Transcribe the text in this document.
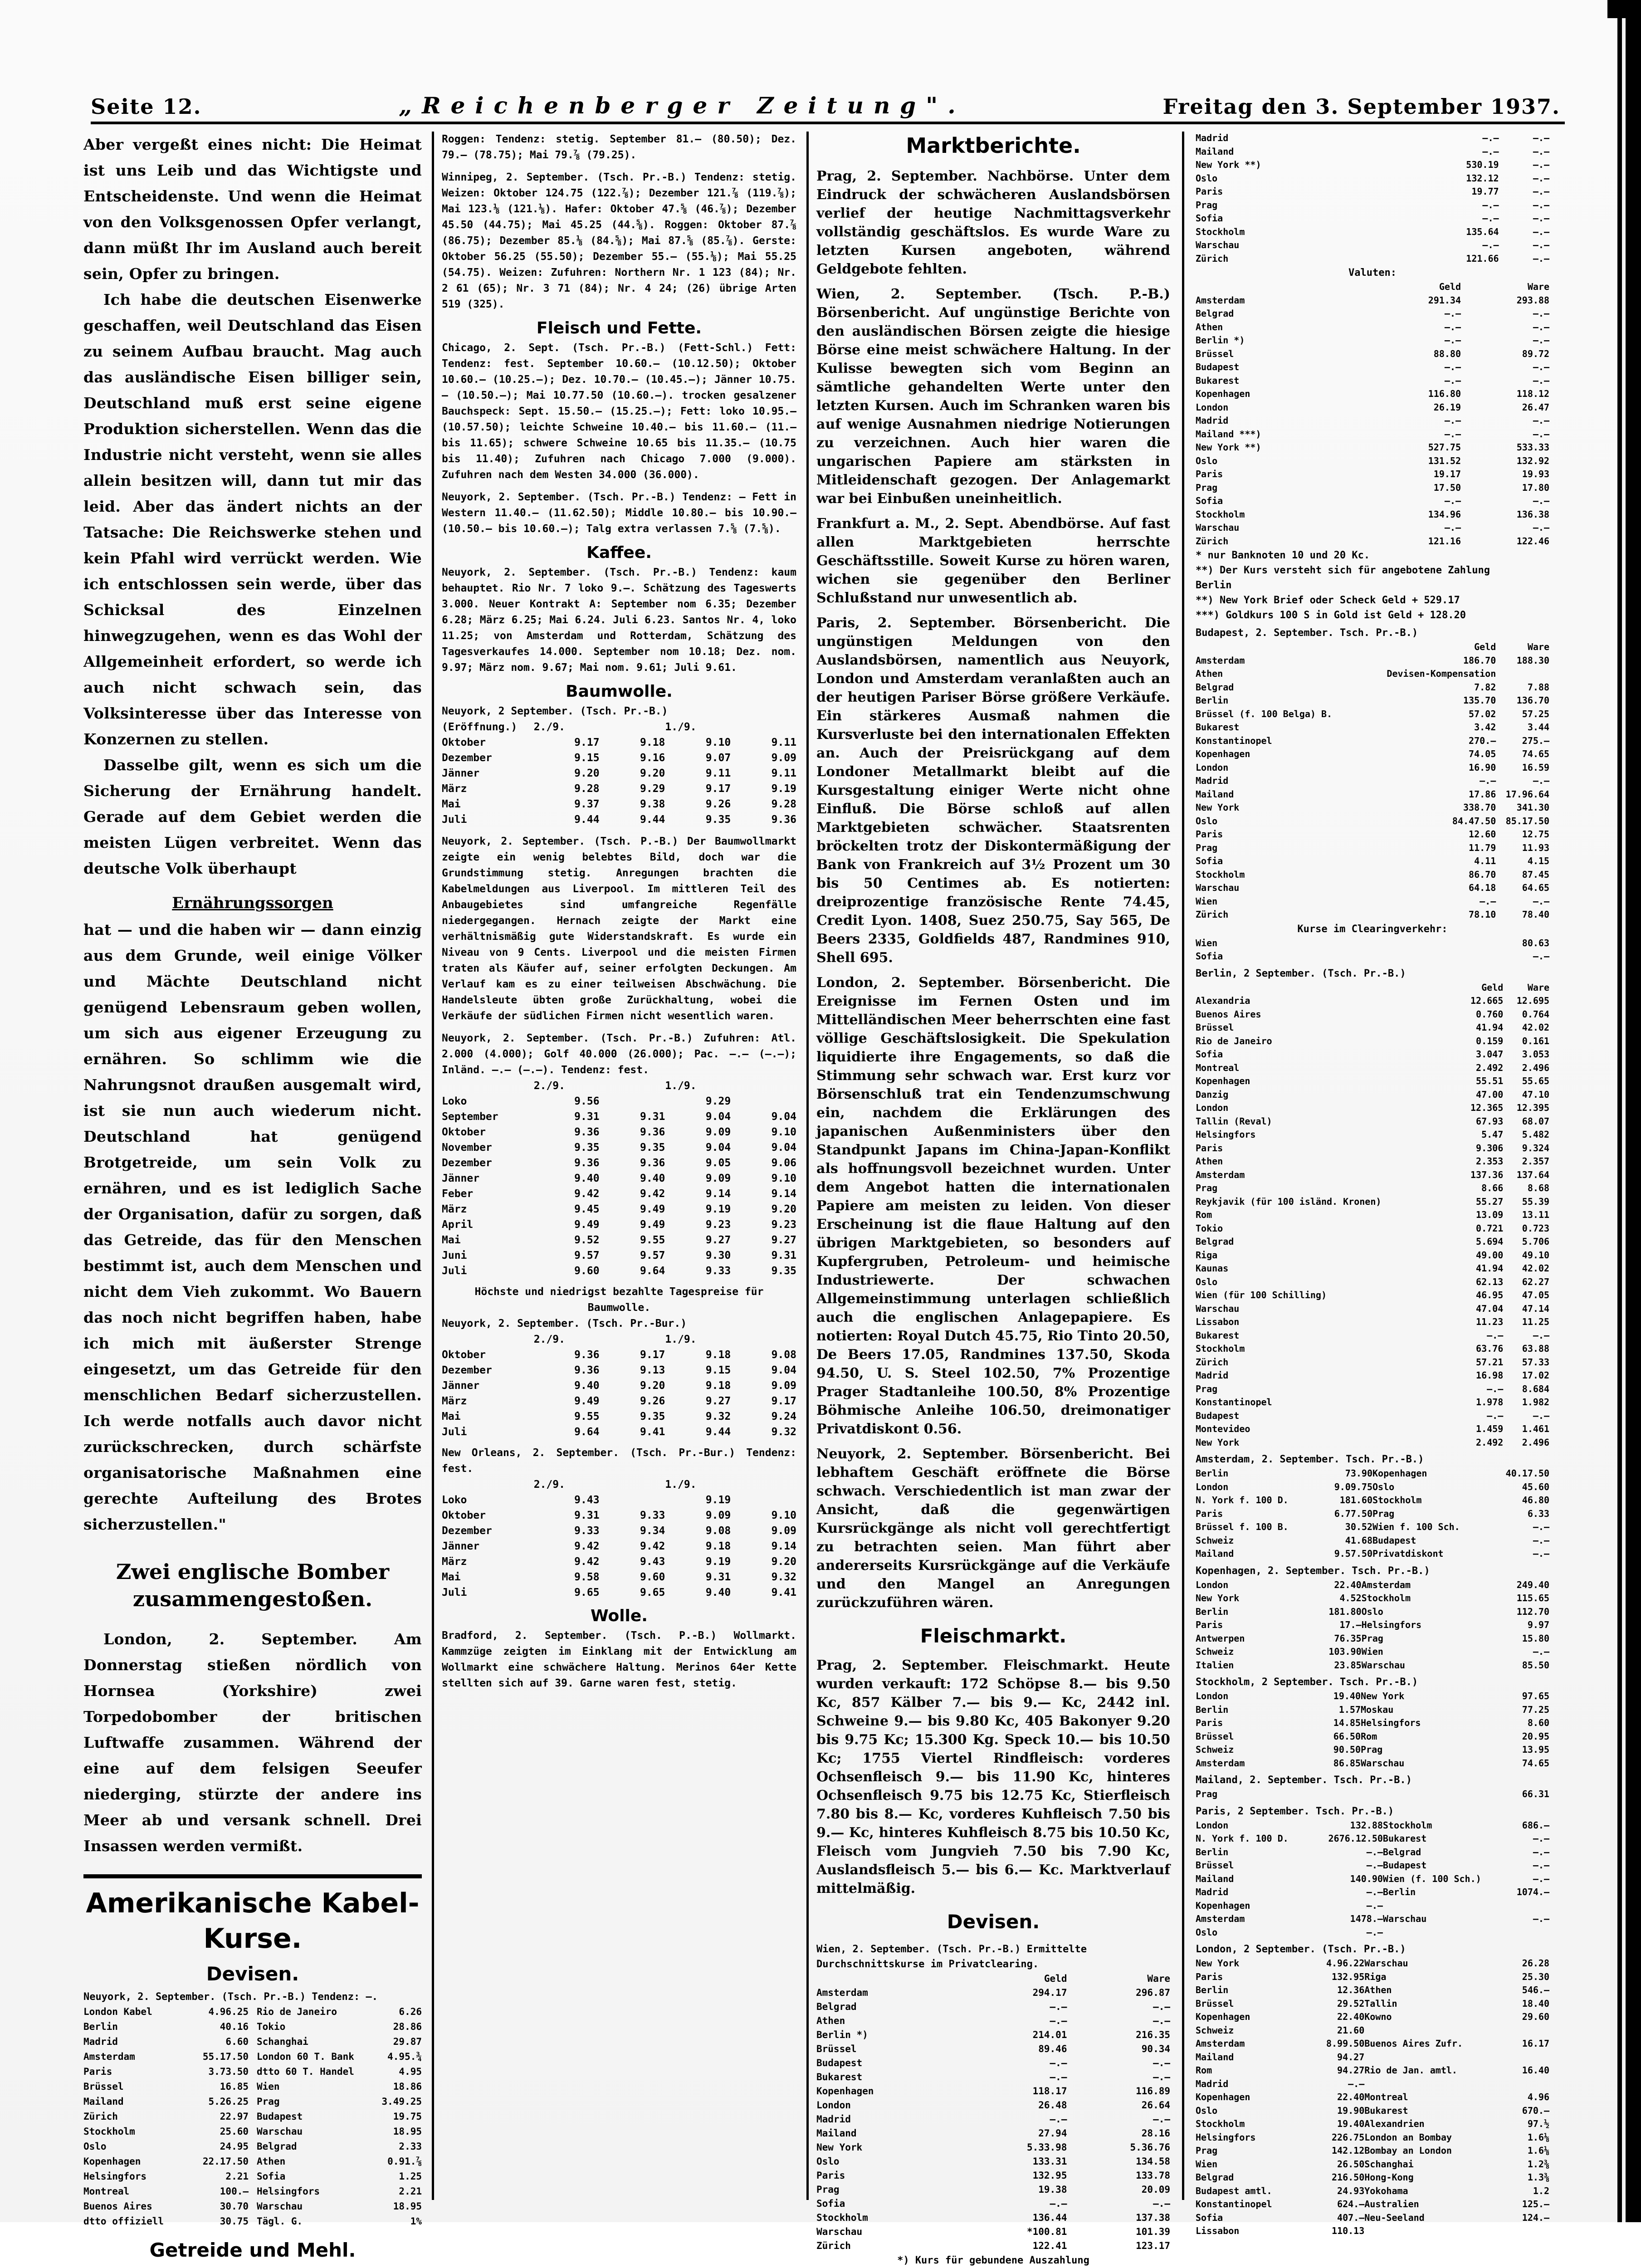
Seite 12.	„Reichenberger Zeitung".	Freitag den 3. September 1937.

Aber vergeßt eines nicht: Die Heimat ist uns Leib und das Wichtigste und Entscheidenste. Und wenn die Heimat von den Volksgenossen Opfer verlangt, dann müßt Ihr im Ausland auch bereit sein, Opfer zu bringen.

Ich habe die deutschen Eisenwerke geschaffen, weil Deutschland das Eisen zu seinem Aufbau braucht. Mag auch das ausländische Eisen billiger sein, Deutschland muß erst seine eigene Produktion sicherstellen. Wenn das die Industrie nicht versteht, wenn sie alles allein besitzen will, dann tut mir das leid. Aber das ändert nichts an der Tatsache: Die Reichswerke stehen und kein Pfahl wird verrückt werden. Wie ich entschlossen sein werde, über das Schicksal des Einzelnen hinwegzugehen, wenn es das Wohl der Allgemeinheit erfordert, so werde ich auch nicht schwach sein, das Volksinteresse über das Interesse von Konzernen zu stellen.

Dasselbe gilt, wenn es sich um die Sicherung der Ernährung handelt. Gerade auf dem Gebiet werden die meisten Lügen verbreitet. Wenn das deutsche Volk überhaupt

Ernährungssorgen

hat — und die haben wir — dann einzig aus dem Grunde, weil einige Völker und Mächte Deutschland nicht genügend Lebensraum geben wollen, um sich aus eigener Erzeugung zu ernähren. So schlimm wie die Nahrungsnot draußen ausgemalt wird, ist sie nun auch wiederum nicht. Deutschland hat genügend Brotgetreide, um sein Volk zu ernähren, und es ist lediglich Sache der Organisation, dafür zu sorgen, daß das Getreide, das für den Menschen bestimmt ist, auch dem Menschen und nicht dem Vieh zukommt. Wo Bauern das noch nicht begriffen haben, habe ich mich mit äußerster Strenge eingesetzt, um das Getreide für den menschlichen Bedarf sicherzustellen. Ich werde notfalls auch davor nicht zurückschrecken, durch schärfste organisatorische Maßnahmen eine gerechte Aufteilung des Brotes sicherzustellen."

Zwei englische Bomber zusammengestoßen.

London, 2. September. Am Donnerstag stießen nördlich von Hornsea (Yorkshire) zwei Torpedobomber der britischen Luftwaffe zusammen. Während der eine auf dem felsigen Seeufer niederging, stürzte der andere ins Meer ab und versank schnell. Drei Insassen werden vermißt.

Amerikanische Kabel-Kurse.
Devisen.
Neuyork, 2. September. (Tsch. Pr.-B.) Tendenz: —.
London Kabel	4.96.25 Rio de Janeiro	6.26
Berlin	40.16 Tokio	28.86
Madrid	6.60 Schanghai	29.87
Amsterdam	55.17.50 London 60 T. Bank	4.95.¾
Paris	3.73.50 dtto 60 T. Handel	4.95
Brüssel	16.85 Wien	18.86
Mailand	5.26.25 Prag	3.49.25
Zürich	22.97 Budapest	19.75
Stockholm	25.60 Warschau	18.95
Oslo	24.95 Belgrad	2.33
Kopenhagen	22.17.50 Athen	0.91.⅞
Helsingfors	2.21 Sofia	1.25
Montreal	100.— Helsingfors	2.21
Buenos Aires	30.70 Warschau	18.95
dtto offiziell	30.75 Tägl. G.	1%
Getreide und Mehl.
Roggen: Tendenz: stetig. September 81.— (80.50); Dez. 79.— (78.75); Mai 79.⅞ (79.25).
Winnipeg, 2. September. (Tsch. Pr.-B.) Tendenz: stetig. Weizen: Oktober 124.75 (122.⅞); Dezember 121.⅞ (119.⅞); Mai 123.⅛ (121.⅛). Hafer: Oktober 47.⅝ (46.⅞); Dezember 45.50 (44.75); Mai 45.25 (44.⅝). Roggen: Oktober 87.⅞ (86.75); Dezember 85.⅛ (84.⅝); Mai 87.⅝ (85.⅞). Gerste: Oktober 56.25 (55.50); Dezember 55.— (55.⅛); Mai 55.25 (54.75). Weizen: Zufuhren: Northern Nr. 1 123 (84); Nr. 2 61 (65); Nr. 3 71 (84); Nr. 4 24; (26) übrige Arten 519 (325).
Fleisch und Fette.
Chicago, 2. Sept. (Tsch. Pr.-B.) (Fett-Schl.) Fett: Tendenz: fest. September 10.60.— (10.12.50); Oktober 10.60.— (10.25.—); Dez. 10.70.— (10.45.—); Jänner 10.75.— (10.50.—); Mai 10.77.50 (10.60.—). trocken gesalzener Bauchspeck: Sept. 15.50.— (15.25.—); Fett: loko 10.95.— (10.57.50); leichte Schweine 10.40.— bis 11.60.— (11.— bis 11.65); schwere Schweine 10.65 bis 11.35.— (10.75 bis 11.40); Zufuhren nach Chicago 7.000 (9.000). Zufuhren nach dem Westen 34.000 (36.000).
Neuyork, 2. September. (Tsch. Pr.-B.) Tendenz: — Fett in Western 11.40.— (11.62.50); Middle 10.80.— bis 10.90.— (10.50.— bis 10.60.—); Talg extra verlassen 7.⅝ (7.⅝).
Kaffee.
Neuyork, 2. September. (Tsch. Pr.-B.) Tendenz: kaum behauptet. Rio Nr. 7 loko 9.—. Schätzung des Tageswerts 3.000. Neuer Kontrakt A: September nom 6.35; Dezember 6.28; März 6.25; Mai 6.24. Juli 6.23. Santos Nr. 4, loko 11.25; von Amsterdam und Rotterdam, Schätzung des Tagesverkaufes 14.000. September nom 10.18; Dez. nom. 9.97; März nom. 9.67; Mai nom. 9.61; Juli 9.61.
Baumwolle.
Neuyork, 2 September. (Tsch. Pr.-B.)
(Eröffnung.)	2./9.	1./9.
Oktober	9.17	9.18	9.10	9.11
Dezember	9.15	9.16	9.07	9.09
Jänner	9.20	9.20	9.11	9.11
März	9.28	9.29	9.17	9.19
Mai	9.37	9.38	9.26	9.28
Juli	9.44	9.44	9.35	9.36
Neuyork, 2. September. (Tsch. P.-B.) Der Baumwollmarkt zeigte ein wenig belebtes Bild, doch war die Grundstimmung stetig. Anregungen brachten die Kabelmeldungen aus Liverpool. Im mittleren Teil des Anbaugebietes sind umfangreiche Regenfälle niedergegangen. Hernach zeigte der Markt eine verhältnismäßig gute Widerstandskraft. Es wurde ein Niveau von 9 Cents. Liverpool und die meisten Firmen traten als Käufer auf, seiner erfolgten Deckungen. Am Verlauf kam es zu einer teilweisen Abschwächung. Die Handelsleute übten große Zurückhaltung, wobei die Verkäufe der südlichen Firmen nicht wesentlich waren.
Neuyork, 2. September. (Tsch. Pr.-B.) Zufuhren: Atl. 2.000 (4.000); Golf 40.000 (26.000); Pac. —.— (—.—); Inländ. —.— (—.—). Tendenz: fest.
2./9.	1./9.
Loko	9.56	9.29
September	9.31	9.31	9.04	9.04
Oktober	9.36	9.36	9.09	9.10
November	9.35	9.35	9.04	9.04
Dezember	9.36	9.36	9.05	9.06
Jänner	9.40	9.40	9.09	9.10
Feber	9.42	9.42	9.14	9.14
März	9.45	9.49	9.19	9.20
April	9.49	9.49	9.23	9.23
Mai	9.52	9.55	9.27	9.27
Juni	9.57	9.57	9.30	9.31
Juli	9.60	9.64	9.33	9.35
Höchste und niedrigst bezahlte Tagespreise für Baumwolle.
Neuyork, 2. September. (Tsch. Pr.-Bur.)
2./9.	1./9.
Oktober	9.36	9.17	9.18	9.08
Dezember	9.36	9.13	9.15	9.04
Jänner	9.40	9.20	9.18	9.09
März	9.49	9.26	9.27	9.17
Mai	9.55	9.35	9.32	9.24
Juli	9.64	9.41	9.44	9.32
New Orleans, 2. September. (Tsch. Pr.-Bur.) Tendenz: fest.
2./9.	1./9.
Loko	9.43	9.19
Oktober	9.31	9.33	9.09	9.10
Dezember	9.33	9.34	9.08	9.09
Jänner	9.42	9.42	9.18	9.14
März	9.42	9.43	9.19	9.20
Mai	9.58	9.60	9.31	9.32
Juli	9.65	9.65	9.40	9.41
Wolle.
Bradford, 2. September. (Tsch. P.-B.) Wollmarkt. Kammzüge zeigten im Einklang mit der Entwicklung am Wollmarkt eine schwächere Haltung. Merinos 64er Kette stellten sich auf 39. Garne waren fest, stetig.
Marktberichte.
Prag, 2. September. Nachbörse. Unter dem Eindruck der schwächeren Auslandsbörsen verlief der heutige Nachmittagsverkehr vollständig geschäftslos. Es wurde Ware zu letzten Kursen angeboten, während Geldgebote fehlten.
Wien, 2. September. (Tsch. P.-B.) Börsenbericht. Auf ungünstige Berichte von den ausländischen Börsen zeigte die hiesige Börse eine meist schwächere Haltung. In der Kulisse bewegten sich vom Beginn an sämtliche gehandelten Werte unter den letzten Kursen. Auch im Schranken waren bis auf wenige Ausnahmen niedrige Notierungen zu verzeichnen. Auch hier waren die ungarischen Papiere am stärksten in Mitleidenschaft gezogen. Der Anlagemarkt war bei Einbußen uneinheitlich.
Frankfurt a. M., 2. Sept. Abendbörse. Auf fast allen Marktgebieten herrschte Geschäftsstille. Soweit Kurse zu hören waren, wichen sie gegenüber den Berliner Schlußstand nur unwesentlich ab.
Paris, 2. September. Börsenbericht. Die ungünstigen Meldungen von den Auslandsbörsen, namentlich aus Neuyork, London und Amsterdam veranlaßten auch an der heutigen Pariser Börse größere Verkäufe. Ein stärkeres Ausmaß nahmen die Kursverluste bei den internationalen Effekten an. Auch der Preisrückgang auf dem Londoner Metallmarkt bleibt auf die Kursgestaltung einiger Werte nicht ohne Einfluß. Die Börse schloß auf allen Marktgebieten schwächer. Staatsrenten bröckelten trotz der Diskontermäßigung der Bank von Frankreich auf 3½ Prozent um 30 bis 50 Centimes ab. Es notierten: dreiprozentige französische Rente 74.45, Credit Lyon. 1408, Suez 250.75, Say 565, De Beers 2335, Goldfields 487, Randmines 910, Shell 695.
London, 2. September. Börsenbericht. Die Ereignisse im Fernen Osten und im Mittelländischen Meer beherrschten eine fast völlige Geschäftslosigkeit. Die Spekulation liquidierte ihre Engagements, so daß die Stimmung sehr schwach war. Erst kurz vor Börsenschluß trat ein Tendenzumschwung ein, nachdem die Erklärungen des japanischen Außenministers über den Standpunkt Japans im China-Japan-Konflikt als hoffnungsvoll bezeichnet wurden. Unter dem Angebot hatten die internationalen Papiere am meisten zu leiden. Von dieser Erscheinung ist die flaue Haltung auf den übrigen Marktgebieten, so besonders auf Kupfergruben, Petroleum- und heimische Industriewerte. Der schwachen Allgemeinstimmung unterlagen schließlich auch die englischen Anlagepapiere. Es notierten: Royal Dutch 45.75, Rio Tinto 20.50, De Beers 17.05, Randmines 137.50, Skoda 94.50, U. S. Steel 102.50, 7% Prozentige Prager Stadtanleihe 100.50, 8% Prozentige Böhmische Anleihe 106.50, dreimonatiger Privatdiskont 0.56.
Neuyork, 2. September. Börsenbericht. Bei lebhaftem Geschäft eröffnete die Börse schwach. Verschiedentlich ist man zwar der Ansicht, daß die gegenwärtigen Kursrückgänge als nicht voll gerechtfertigt zu betrachten seien. Man führt aber andererseits Kursrückgänge auf die Verkäufe und den Mangel an Anregungen zurückzuführen wären.
Fleischmarkt.
Prag, 2. September. Fleischmarkt. Heute wurden verkauft: 172 Schöpse 8.— bis 9.50 Kc, 857 Kälber 7.— bis 9.— Kc, 2442 inl. Schweine 9.— bis 9.80 Kc, 405 Bakonyer 9.20 bis 9.75 Kc; 15.300 Kg. Speck 10.— bis 10.50 Kc; 1755 Viertel Rindfleisch: vorderes Ochsenfleisch 9.— bis 11.90 Kc, hinteres Ochsenfleisch 9.75 bis 12.75 Kc, Stierfleisch 7.80 bis 8.— Kc, vorderes Kuhfleisch 7.50 bis 9.— Kc, hinteres Kuhfleisch 8.75 bis 10.50 Kc, Fleisch vom Jungvieh 7.50 bis 7.90 Kc, Auslandsfleisch 5.— bis 6.— Kc. Marktverlauf mittelmäßig.
Devisen.
Wien, 2. September. (Tsch. Pr.-B.) Ermittelte Durchschnittskurse im Privatclearing.
	Geld	Ware
Amsterdam	294.17	296.87
Belgrad	—.—	—.—
Athen	—.—	—.—
Berlin *)	214.01	216.35
Brüssel	89.46	90.34
Budapest	—.—	—.—
Bukarest	—.—	—.—
Kopenhagen	118.17	116.89
London	26.48	26.64
Madrid	—.—	—.—
Mailand	27.94	28.16
New York	5.33.98	5.36.76
Oslo	133.31	134.58
Paris	132.95	133.78
Prag	19.38	20.09
Sofia	—.—	—.—
Stockholm	136.44	137.38
Warschau	*100.81	101.39
Zürich	122.41	123.17
*) Kurs für gebundene Auszahlung

Madrid	—.—	—.—
Mailand	—.—	—.—
New York **)	530.19	—.—
Oslo	132.12	—.—
Paris	19.77	—.—
Prag	—.—	—.—
Sofia	—.—	—.—
Stockholm	135.64	—.—
Warschau	—.—	—.—
Zürich	121.66	—.—
Valuten:
	Geld	Ware
Amsterdam	291.34	293.88
Belgrad	—.—	—.—
Athen	—.—	—.—
Berlin *)	—.—	—.—
Brüssel	88.80	89.72
Budapest	—.—	—.—
Bukarest	—.—	—.—
Kopenhagen	116.80	118.12
London	26.19	26.47
Madrid	—.—	—.—
Mailand ***)	—.—	—.—
New York **)	527.75	533.33
Oslo	131.52	132.92
Paris	19.17	19.93
Prag	17.50	17.80
Sofia	—.—	—.—
Stockholm	134.96	136.38
Warschau	—.—	—.—
Zürich	121.16	122.46
* nur Banknoten 10 und 20 Kc.
**) Der Kurs versteht sich für angebotene Zahlung
Berlin
**) New York Brief oder Scheck Geld + 529.17
***) Goldkurs 100 S in Gold ist Geld + 128.20
Budapest, 2. September. Tsch. Pr.-B.)
	Geld	Ware
Amsterdam	186.70	188.30
Athen	Devisen-Kompensation	
Belgrad	7.82	7.88
Berlin	135.70	136.70
Brüssel (f. 100 Belga) B.	57.02	57.25
Bukarest	3.42	3.44
Konstantinopel	270.—	275.—
Kopenhagen	74.05	74.65
London	16.90	16.59
Madrid	—.—	—.—
Mailand	17.86	17.96.64
New York	338.70	341.30
Oslo	84.47.50	85.17.50
Paris	12.60	12.75
Prag	11.79	11.93
Sofia	4.11	4.15
Stockholm	86.70	87.45
Warschau	64.18	64.65
Wien	—.—	—.—
Zürich	78.10	78.40
Kurse im Clearingverkehr:
Wien	80.63	
Sofia	—.—	
Berlin, 2 September. (Tsch. Pr.-B.)
	Geld	Ware
Alexandria	12.665	12.695
Buenos Aires	0.760	0.764
Brüssel	41.94	42.02
Rio de Janeiro	0.159	0.161
Sofia	3.047	3.053
Montreal	2.492	2.496
Kopenhagen	55.51	55.65
Danzig	47.00	47.10
London	12.365	12.395
Tallin (Reval)	67.93	68.07
Helsingfors	5.47	5.482
Paris	9.306	9.324
Athen	2.353	2.357
Amsterdam	137.36	137.64
Prag	8.66	8.68
Reykjavik (für 100 isländ. Kronen)	55.27	55.39
Rom	13.09	13.11
Tokio	0.721	0.723
Belgrad	5.694	5.706
Riga	49.00	49.10
Kaunas	41.94	42.02
Oslo	62.13	62.27
Wien (für 100 Schilling)	46.95	47.05
Warschau	47.04	47.14
Lissabon	11.23	11.25
Bukarest	—.—	—.—
Stockholm	63.76	63.88
Zürich	57.21	57.33
Madrid	16.98	17.02
Prag	—.—	8.684
Konstantinopel	1.978	1.982
Budapest	—.—	—.—
Montevideo	1.459	1.461
New York	2.492	2.496
Amsterdam, 2. September. Tsch. Pr.-B.)
Berlin	73.90	Kopenhagen	40.17.50
London	9.09.75	Oslo	45.60
N. York f. 100 D.	181.60	Stockholm	46.80
Paris	6.77.50	Prag	6.33
Brüssel f. 100 B.	30.52	Wien f. 100 Sch.	—.—
Schweiz	41.68	Budapest	—.—
Mailand	9.57.50	Privatdiskont	—.—
Kopenhagen, 2. September. Tsch. Pr.-B.)
London	22.40	Amsterdam	249.40
New York	4.52	Stockholm	115.65
Berlin	181.80	Oslo	112.70
Paris	17.—	Helsingfors	9.97
Antwerpen	76.35	Prag	15.80
Schweiz	103.90	Wien	—.—
Italien	23.85	Warschau	85.50
Stockholm, 2 September. Tsch. Pr.-B.)
London	19.40	New York	97.65
Berlin	1.57	Moskau	77.25
Paris	14.85	Helsingfors	8.60
Brüssel	66.50	Rom	20.95
Schweiz	90.50	Prag	13.95
Amsterdam	86.85	Warschau	74.65
Mailand, 2. September. Tsch. Pr.-B.)
Prag	66.31		
Paris, 2 September. Tsch. Pr.-B.)
London	132.88	Stockholm	686.—
N. York f. 100 D.	2676.12.50	Bukarest	—.—
Berlin	—.—	Belgrad	—.—
Brüssel	—.—	Budapest	—.—
Mailand	140.90	Wien (f. 100 Sch.)	—.—
Madrid	—.—	Berlin	1074.—
Kopenhagen	—.—		
Amsterdam	1478.—	Warschau	—.—
Oslo	—.—		
London, 2 September. (Tsch. Pr.-B.)
New York	4.96.22	Warschau	26.28
Paris	132.95	Riga	25.30
Berlin	12.36	Athen	546.—
Brüssel	29.52	Tallin	18.40
Kopenhagen	22.40	Kowno	29.60
Schweiz	21.60		
Amsterdam	8.99.50	Buenos Aires Zufr.	16.17
Mailand	94.27		
Rom	94.27	Rio de Jan. amtl.	16.40
Madrid	—.—		
Kopenhagen	22.40	Montreal	4.96
Oslo	19.90	Bukarest	670.—
Stockholm	19.40	Alexandrien	97.½
Helsingfors	226.75	London an Bombay	1.6⅛
Prag	142.12	Bombay an London	1.6⅛
Wien	26.50	Schanghai	1.2⅜
Belgrad	216.50	Hong-Kong	1.3⅜
Budapest amtl.	24.93	Yokohama	1.2
Konstantinopel	624.—	Australien	125.—
Sofia	407.—	Neu-Seeland	124.—
Lissabon	110.13		
